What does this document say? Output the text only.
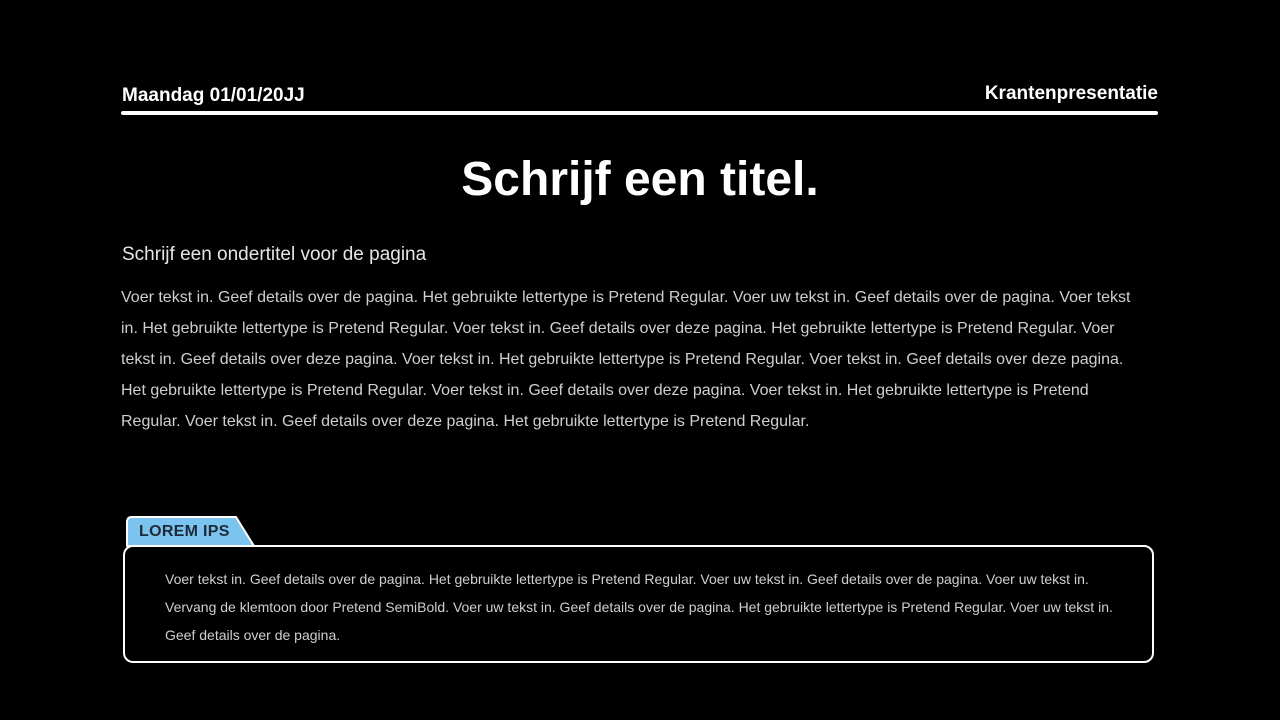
Maandag 01/01/20JJ	Krantenpresentatie
Schrijf een titel.
Schrijf een ondertitel voor de pagina

Voer tekst in. Geef details over de pagina. Het gebruikte lettertype is Pretend Regular. Voer uw tekst in. Geef details over de pagina. Voer tekst in. Het gebruikte lettertype is Pretend Regular. Voer tekst in. Geef details over deze pagina. Het gebruikte lettertype is Pretend Regular. Voer tekst in. Geef details over deze pagina. Voer tekst in. Het gebruikte lettertype is Pretend Regular. Voer tekst in. Geef details over deze pagina. Het gebruikte lettertype is Pretend Regular. Voer tekst in. Geef details over deze pagina. Voer tekst in. Het gebruikte lettertype is Pretend Regular. Voer tekst in. Geef details over deze pagina. Het gebruikte lettertype is Pretend Regular.

Voer tekst in. Geef details over de pagina. Het gebruikte lettertype is Pretend Regular. Voer uw tekst in. Geef details over de pagina. Voer uw tekst in. Vervang de klemtoon door Pretend SemiBold. Voer uw tekst in. Geef details over de pagina. Het gebruikte lettertype is Pretend Regular. Voer uw tekst in. Geef details over de pagina.

LOREM IPS
